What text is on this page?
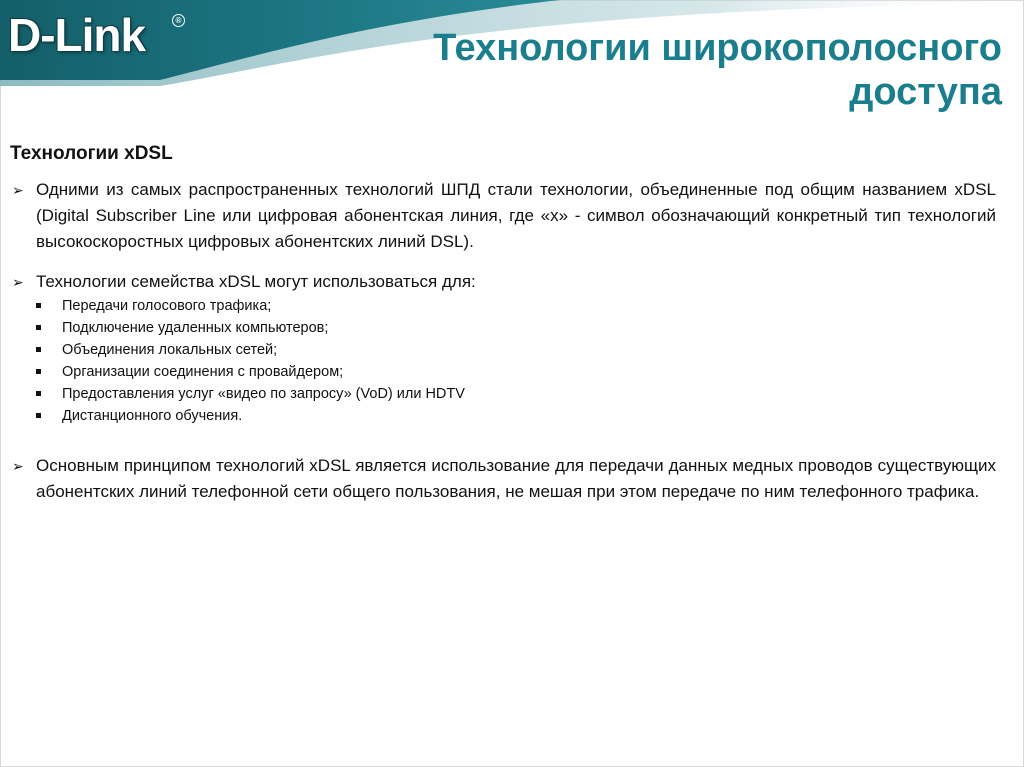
D-Link	®
Технологии широкополосного
доступа
Технологии xDSL
➢ Одними из самых распространенных технологий ШПД стали технологии, объединенные под общим названием xDSL (Digital Subscriber Line или цифровая абонентская линия, где «х» - символ обозначающий конкретный тип технологий высокоскоростных цифровых абонентских линий DSL).
➢ Технологии семейства xDSL могут использоваться для:
Передачи голосового трафика;
Подключение удаленных компьютеров;
Объединения локальных сетей;
Организации соединения с провайдером;
Предоставления услуг «видео по запросу» (VoD) или HDTV
Дистанционного обучения.
➢ Основным принципом технологий xDSL является использование для передачи данных медных проводов существующих абонентских линий телефонной сети общего пользования, не мешая при этом передаче по ним телефонного трафика.
